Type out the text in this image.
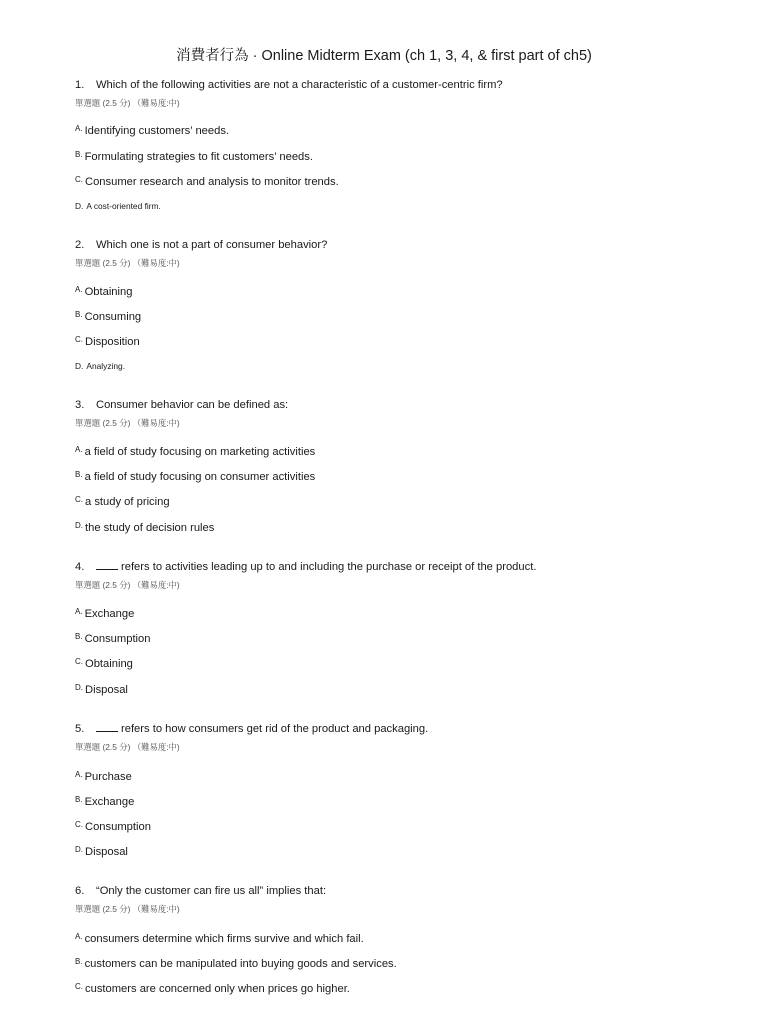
消費者行為 · Online Midterm Exam (ch 1, 3, 4, & first part of ch5)
1. Which of the following activities are not a characteristic of a customer-centric firm?
單選題 (2.5 分) （難易度:中)
A. Identifying customers’ needs.
B. Formulating strategies to fit customers’ needs.
C. Consumer research and analysis to monitor trends.
D. A cost-oriented firm.
2. Which one is not a part of consumer behavior?
單選題 (2.5 分) （難易度:中)
A. Obtaining
B. Consuming
C. Disposition
D. Analyzing.
3. Consumer behavior can be defined as:
單選題 (2.5 分) （難易度:中)
A. a field of study focusing on marketing activities
B. a field of study focusing on consumer activities
C. a study of pricing
D. the study of decision rules
4.	refers to activities leading up to and including the purchase or receipt of the product.
單選題 (2.5 分) （難易度:中)
A. Exchange
B. Consumption
C. Obtaining
D. Disposal
5.	refers to how consumers get rid of the product and packaging.
單選題 (2.5 分) （難易度:中)
A. Purchase
B. Exchange
C. Consumption
D. Disposal
6. “Only the customer can fire us all” implies that:
單選題 (2.5 分) （難易度:中)
A. consumers determine which firms survive and which fail.
B. customers can be manipulated into buying goods and services.
C. customers are concerned only when prices go higher.
